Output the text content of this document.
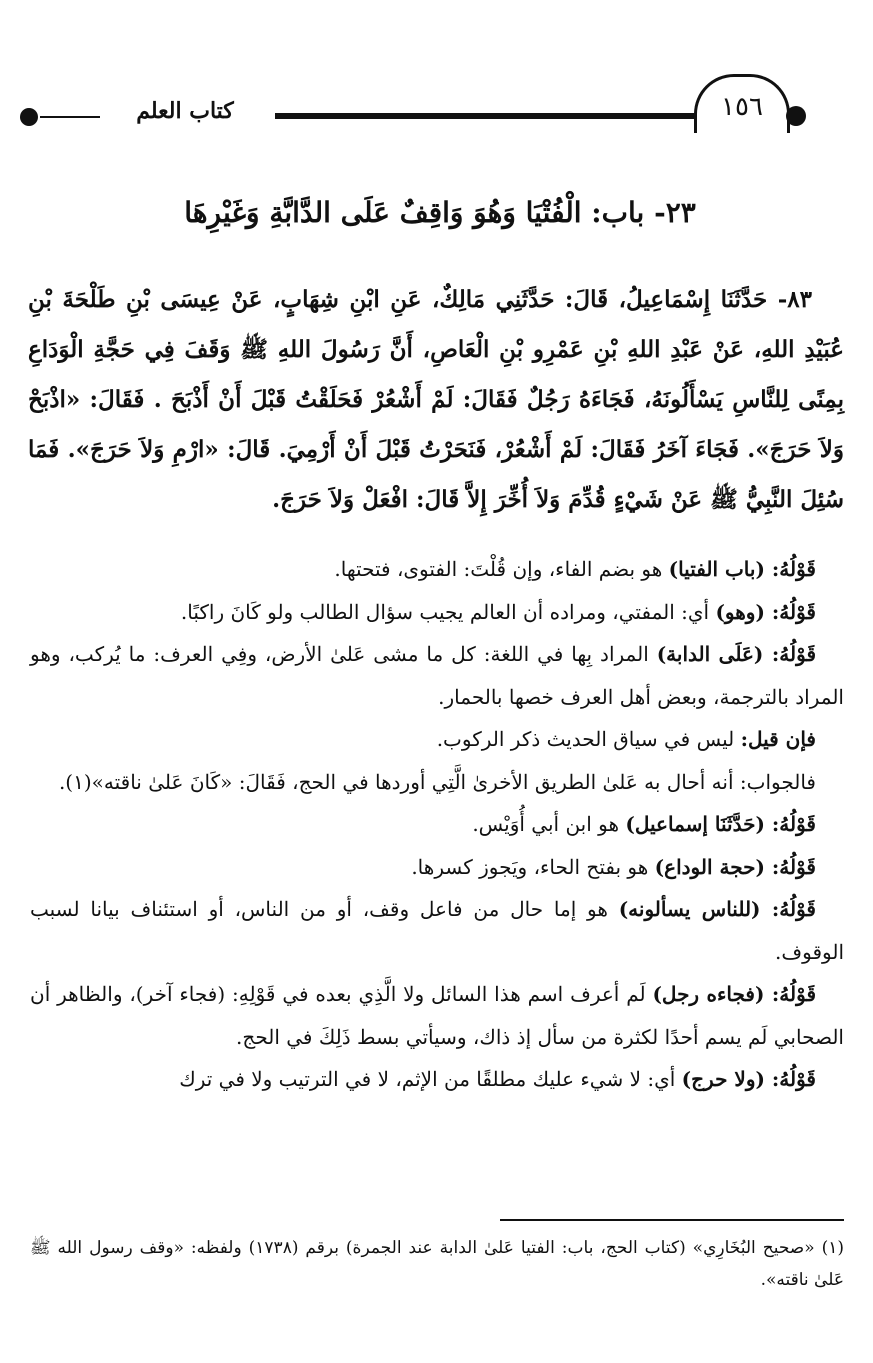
كتاب العلم	١٥٦
٢٣- باب: الْفُتْيَا وَهُوَ وَاقِفٌ عَلَى الدَّابَّةِ وَغَيْرِهَا

٨٣- حَدَّثَنَا إِسْمَاعِيلُ، قَالَ: حَدَّثَنِي مَالِكٌ، عَنِ ابْنِ شِهَابٍ، عَنْ عِيسَى بْنِ طَلْحَةَ بْنِ عُبَيْدِ اللهِ، عَنْ عَبْدِ اللهِ بْنِ عَمْرِو بْنِ الْعَاصِ، أَنَّ رَسُولَ اللهِ ﷺ وَقَفَ فِي حَجَّةِ الْوَدَاعِ بِمِنًى لِلنَّاسِ يَسْأَلُونَهُ، فَجَاءَهُ رَجُلٌ فَقَالَ: لَمْ أَشْعُرْ فَحَلَقْتُ قَبْلَ أَنْ أَذْبَحَ . فَقَالَ: «اذْبَحْ وَلاَ حَرَجَ». فَجَاءَ آخَرُ فَقَالَ: لَمْ أَشْعُرْ، فَنَحَرْتُ قَبْلَ أَنْ أَرْمِيَ. قَالَ: «ارْمِ وَلاَ حَرَجَ». فَمَا سُئِلَ النَّبِيُّ ﷺ عَنْ شَيْءٍ قُدِّمَ وَلاَ أُخِّرَ إِلاَّ قَالَ: افْعَلْ وَلاَ حَرَجَ.

قَوْلُهُ: (باب الفتيا) هو بضم الفاء، وإن قُلْتَ: الفتوى، فتحتها.

قَوْلُهُ: (وهو) أي: المفتي، ومراده أن العالم يجيب سؤال الطالب ولو كَانَ راكبًا.

قَوْلُهُ: (عَلَى الدابة) المراد بِها في اللغة: كل ما مشى عَلىٰ الأرض، وفِي العرف: ما يُركب، وهو المراد بالترجمة، وبعض أهل العرف خصها بالحمار.

فإن قيل: ليس في سياق الحديث ذكر الركوب.

فالجواب: أنه أحال به عَلىٰ الطريق الأخرىٰ الَّتِي أوردها في الحج، فَقَالَ: «كَانَ عَلىٰ ناقته»(١).

قَوْلُهُ: (حَدَّثَنَا إسماعيل) هو ابن أبي أُوَيْس.

قَوْلُهُ: (حجة الوداع) هو بفتح الحاء، ويَجوز كسرها.

قَوْلُهُ: (للناس يسألونه) هو إما حال من فاعل وقف، أو من الناس، أو استئناف بيانا لسبب الوقوف.

قَوْلُهُ: (فجاءه رجل) لَم أعرف اسم هذا السائل ولا الَّذِي بعده في قَوْلِهِ: (فجاء آخر)، والظاهر أن الصحابي لَم يسم أحدًا لكثرة من سأل إذ ذاك، وسيأتي بسط ذَلِكَ في الحج.

قَوْلُهُ: (ولا حرج) أي: لا شيء عليك مطلقًا من الإثم، لا في الترتيب ولا في ترك

(١) «صحيح البُخَارِي» (كتاب الحج، باب: الفتيا عَلىٰ الدابة عند الجمرة) برقم (١٧٣٨) ولفظه: «وقف رسول الله ﷺ عَلىٰ ناقته».
